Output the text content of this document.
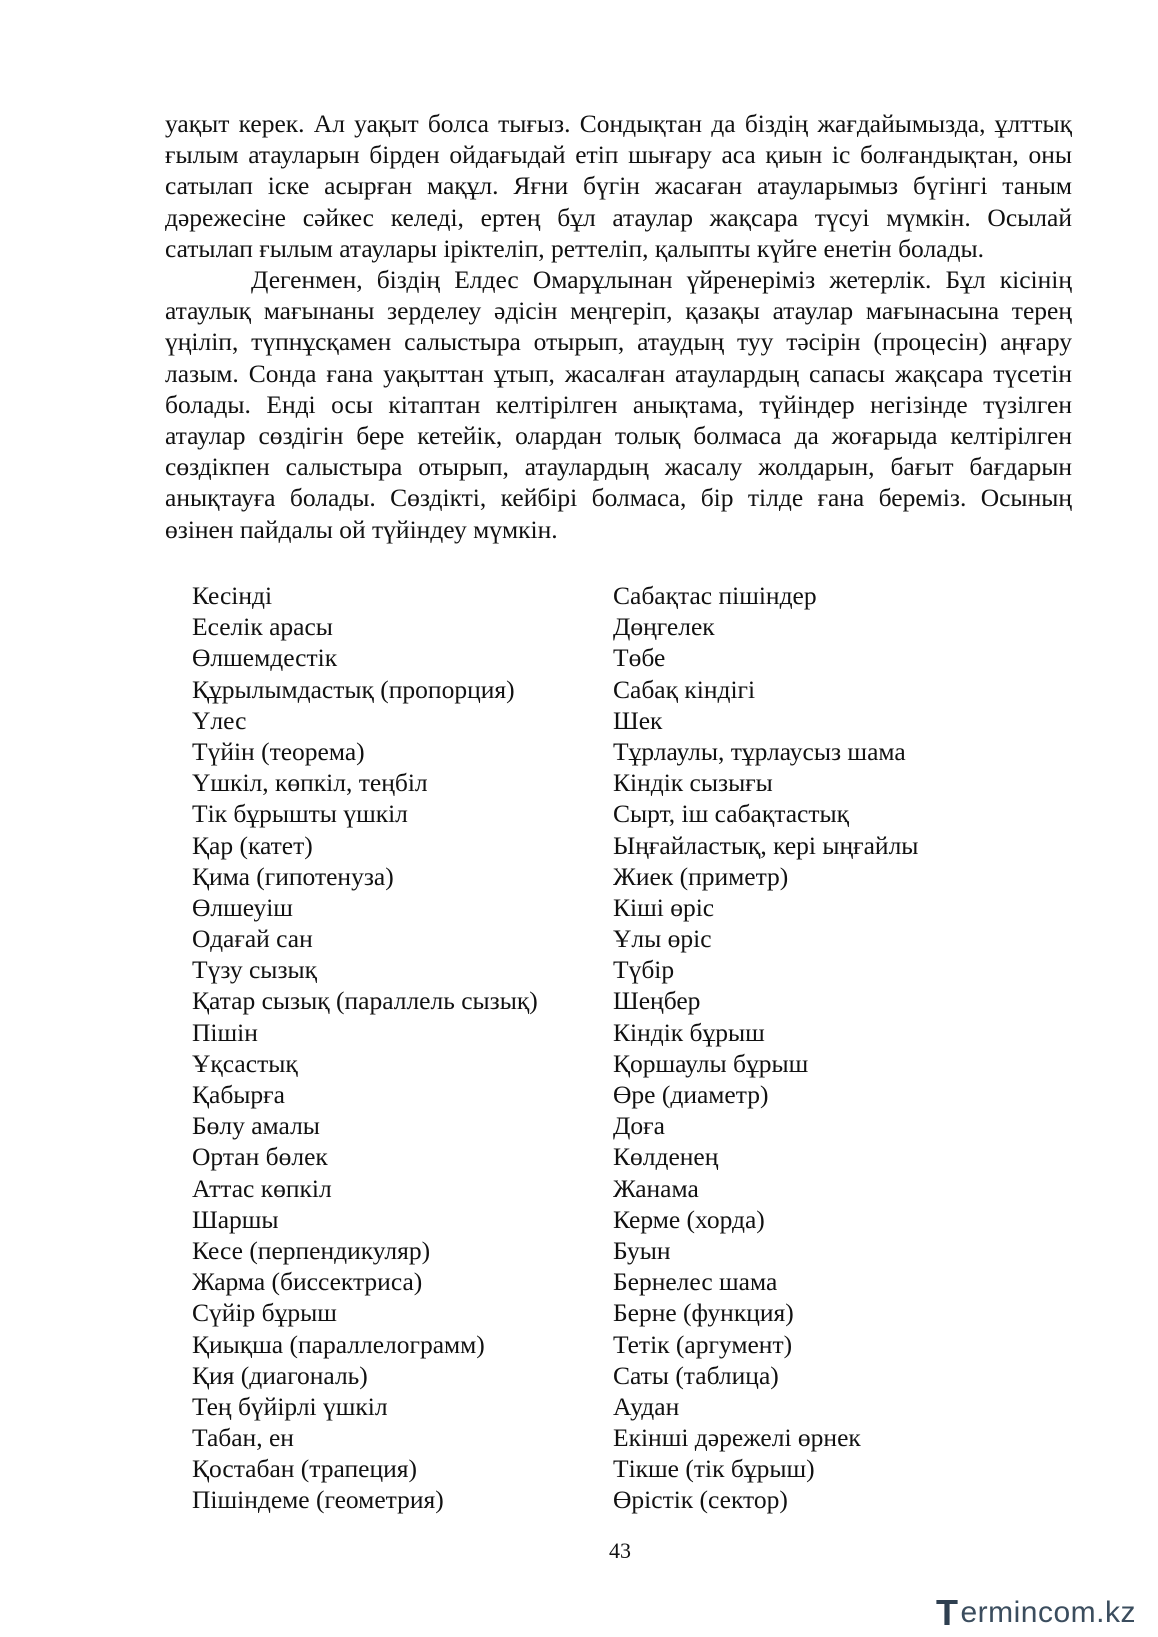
уақыт керек. Ал уақыт болса тығыз. Сондықтан да біздің жағдайымызда, ұлттық ғылым атауларын бірден ойдағыдай етіп шығару аса қиын іс болғандықтан, оны сатылап іске асырған мақұл. Яғни бүгін жасаған атауларымыз бүгінгі таным дәрежесіне сәйкес келеді, ертең бұл атаулар жақсара түсуі мүмкін. Осылай сатылап ғылым атаулары іріктеліп, реттеліп, қалыпты күйге енетін болады.

Дегенмен, біздің Елдес Омарұлынан үйренеріміз жетерлік. Бұл кісінің атаулық мағынаны зерделеу әдісін меңгеріп, қазақы атаулар мағынасына терең үңіліп, түпнұсқамен салыстыра отырып, атаудың туу тәсірін (процесін) аңғару лазым. Сонда ғана уақыттан ұтып, жасалған атаулардың сапасы жақсара түсетін болады. Енді осы кітаптан келтірілген анықтама, түйіндер негізінде түзілген атаулар сөздігін бере кетейік, олардан толық болмаса да жоғарыда келтірілген сөздікпен салыстыра отырып, атаулардың жасалу жолдарын, бағыт бағдарын анықтауға болады. Сөздікті, кейбірі болмаса, бір тілде ғана береміз. Осының өзінен пайдалы ой түйіндеу мүмкін.

Кесінді	Сабақтас пішіндер
Еселік арасы	Дөңгелек
Өлшемдестік	Төбе
Құрылымдастық (пропорция)	Сабақ кіндігі
Үлес	Шек
Түйін (теорема)	Тұрлаулы, тұрлаусыз шама
Үшкіл, көпкіл, теңбіл	Кіндік сызығы
Тік бұрышты үшкіл	Сырт, іш сабақтастық
Қар (катет)	Ыңғайластық, кері ыңғайлы
Қима (гипотенуза)	Жиек (приметр)
Өлшеуіш	Кіші өріс
Одағай сан	Ұлы өріс
Түзу сызық	Түбір
Қатар сызық (параллель сызық)	Шеңбер
Пішін	Кіндік бұрыш
Ұқсастық	Қоршаулы бұрыш
Қабырға	Өре (диаметр)
Бөлу амалы	Доға
Ортан бөлек	Көлденең
Аттас көпкіл	Жанама
Шаршы	Керме (хорда)
Кесе (перпендикуляр)	Буын
Жарма (биссектриса)	Бернелес шама
Сүйір бұрыш	Берне (функция)
Қиықша (параллелограмм)	Тетік (аргумент)
Қия (диагональ)	Саты (таблица)
Тең бүйірлі үшкіл	Аудан
Табан, ен	Екінші дәрежелі өрнек
Қостабан (трапеция)	Тікше (тік бұрыш)
Пішіндеме (геометрия)	Өрістік (сектор)
43
T ermincom.kz
